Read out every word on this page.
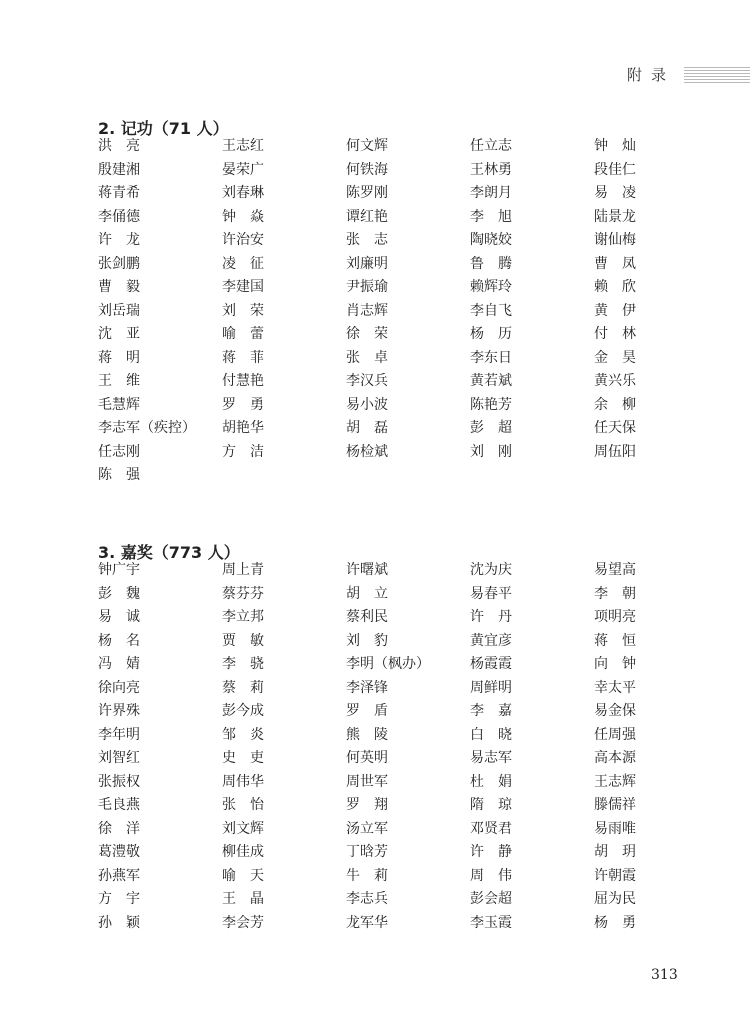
附录
2. 记功（71 人）
洪亮	王志红	何文辉	任立志	钟灿
殷建湘	晏荣广	何铁海	王林勇	段佳仁
蒋青希	刘春琳	陈罗刚	李朗月	易凌
李俑德	钟焱	谭红艳	李旭	陆景龙
许龙	许治安	张志	陶晓姣	谢仙梅
张剑鹏	凌征	刘廉明	鲁腾	曹凤
曹毅	李建国	尹振瑜	赖辉玲	赖欣
刘岳瑞	刘荣	肖志辉	李自飞	黄伊
沈亚	喻蕾	徐荣	杨历	付林
蒋明	蒋菲	张卓	李东日	金昊
王维	付慧艳	李汉兵	黄若斌	黄兴乐
毛慧辉	罗勇	易小波	陈艳芳	余柳
李志军（疾控）	胡艳华	胡磊	彭超	任天保
任志刚	方洁	杨检斌	刘刚	周伍阳
陈强
3. 嘉奖（773 人）
钟广宇	周上青	许曙斌	沈为庆	易望高
彭魏	蔡芬芬	胡立	易春平	李朝
易诚	李立邦	蔡利民	许丹	项明亮
杨名	贾敏	刘豹	黄宜彦	蒋恒
冯婧	李骁	李明（枫办）	杨霞霞	向钟
徐向亮	蔡莉	李泽锋	周鲜明	幸太平
许界殊	彭今成	罗盾	李嘉	易金保
李年明	邹炎	熊陵	白晓	任周强
刘智红	史吏	何英明	易志军	高本源
张振权	周伟华	周世军	杜娟	王志辉
毛良燕	张怡	罗翔	隋琼	滕儒祥
徐洋	刘文辉	汤立军	邓贤君	易雨唯
葛澧敬	柳佳成	丁晗芳	许静	胡玥
孙燕军	喻天	牛莉	周伟	许朝霞
方宇	王晶	李志兵	彭会超	屈为民
孙颖	李会芳	龙军华	李玉霞	杨勇
313
